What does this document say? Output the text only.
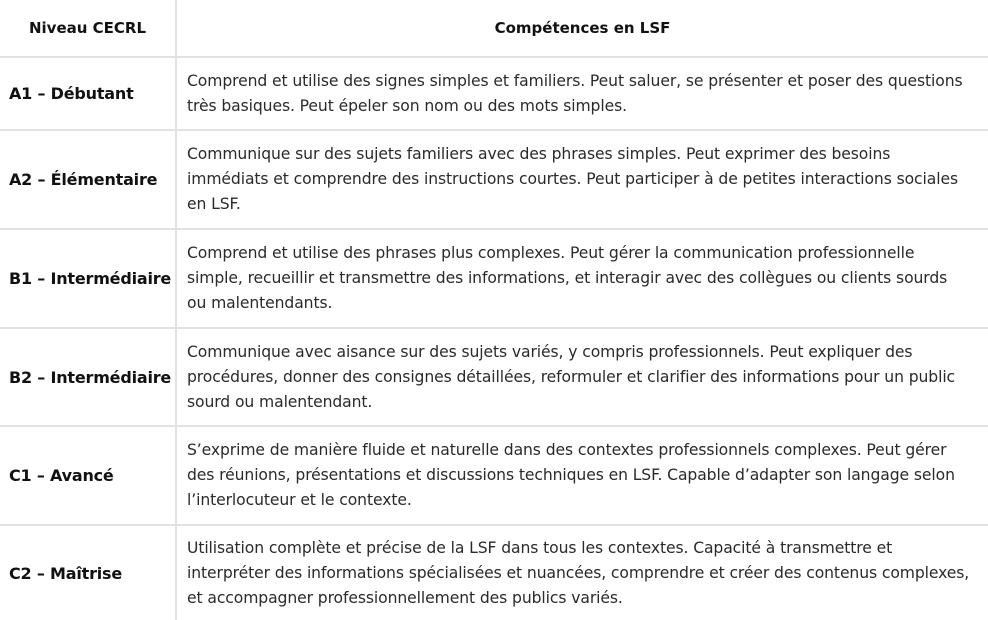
Niveau CECRL	Compétences en LSF
A1 – Débutant	Comprend et utilise des signes simples et familiers. Peut saluer, se présenter et poser des questions très basiques. Peut épeler son nom ou des mots simples.
A2 – Élémentaire	Communique sur des sujets familiers avec des phrases simples. Peut exprimer des besoins immédiats et comprendre des instructions courtes. Peut participer à de petites interactions sociales en LSF.
B1 – Intermédiaire	Comprend et utilise des phrases plus complexes. Peut gérer la communication professionnelle simple, recueillir et transmettre des informations, et interagir avec des collègues ou clients sourds ou malentendants.
B2 – Intermédiaire	Communique avec aisance sur des sujets variés, y compris professionnels. Peut expliquer des procédures, donner des consignes détaillées, reformuler et clarifier des informations pour un public sourd ou malentendant.
C1 – Avancé	S’exprime de manière fluide et naturelle dans des contextes professionnels complexes. Peut gérer des réunions, présentations et discussions techniques en LSF. Capable d’adapter son langage selon l’interlocuteur et le contexte.
C2 – Maîtrise	Utilisation complète et précise de la LSF dans tous les contextes. Capacité à transmettre et interpréter des informations spécialisées et nuancées, comprendre et créer des contenus complexes, et accompagner professionnellement des publics variés.
